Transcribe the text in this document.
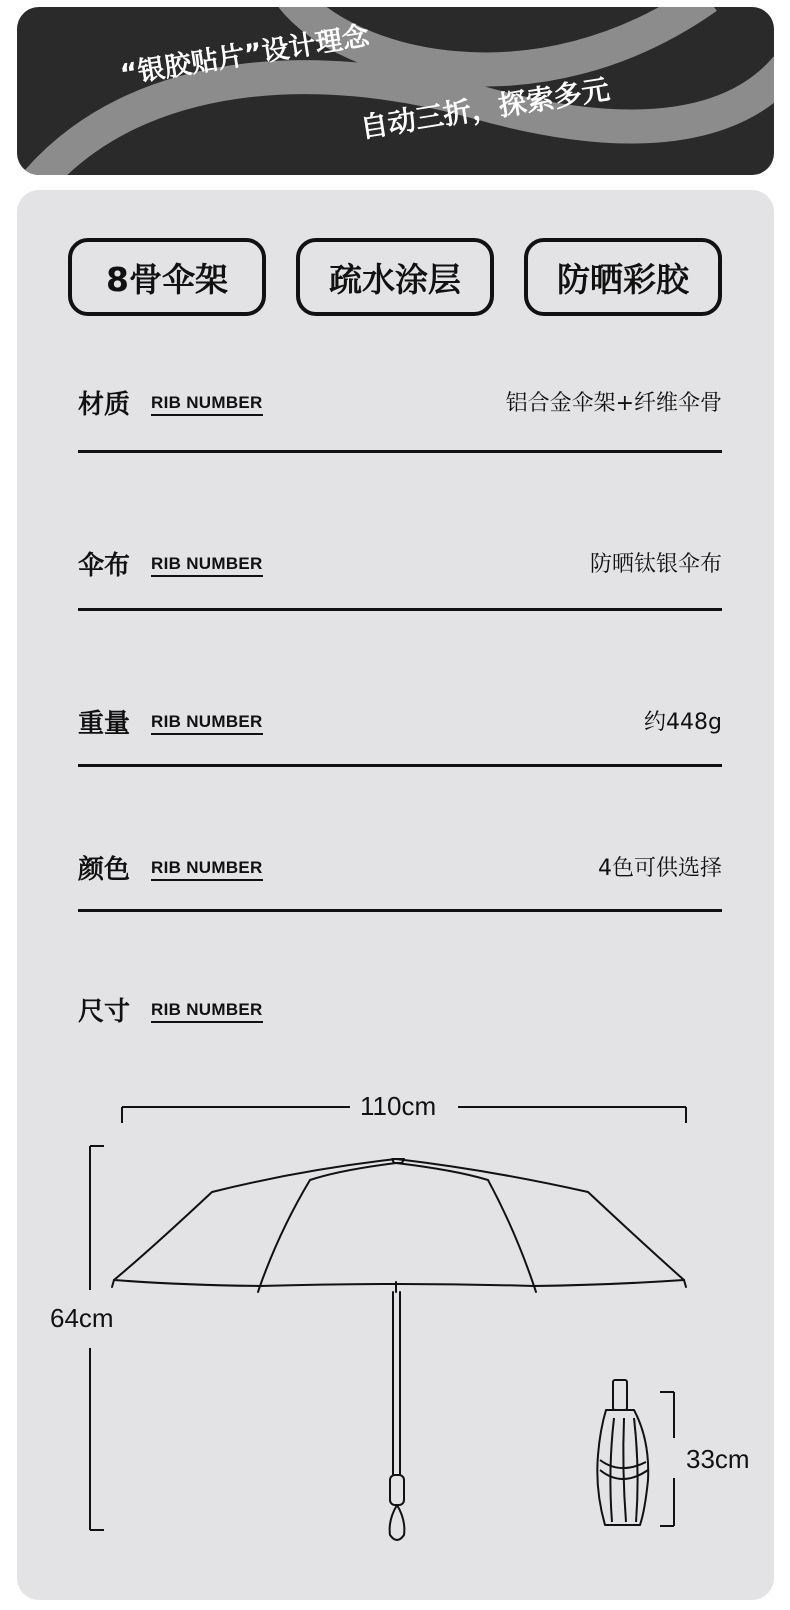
“银胶贴片”设计理念
自动三折，探索多元
8骨伞架	疏水涂层	防晒彩胶
材质 RIB NUMBER	铝合金伞架+纤维伞骨
伞布 RIB NUMBER	防晒钛银伞布
重量 RIB NUMBER	约448g
颜色 RIB NUMBER	4色可供选择
尺寸 RIB NUMBER
110cm
64cm
33cm
